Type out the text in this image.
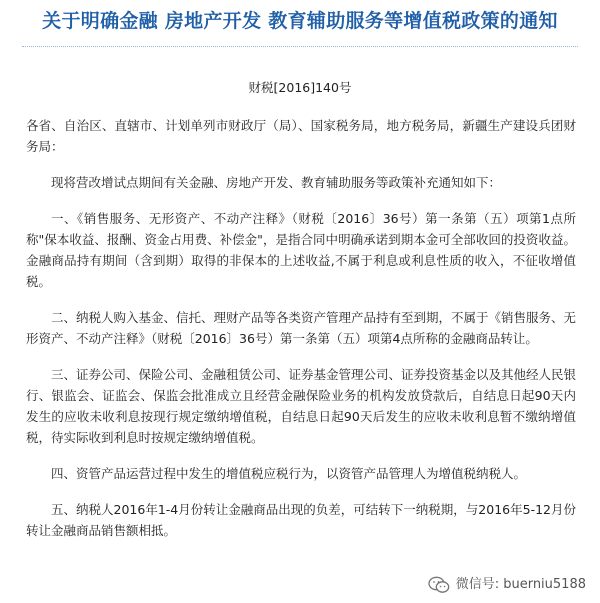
关于明确金融 房地产开发 教育辅助服务等增值税政策的通知
财税[2016]140号

各省、自治区、直辖市、计划单列市财政厅（局）、国家税务局，地方税务局，新疆生产建设兵团财务局：

现将营改增试点期间有关金融、房地产开发、教育辅助服务等政策补充通知如下：

一、《销售服务、无形资产、不动产注释》（财税〔2016〕36号）第一条第（五）项第1点所称"保本收益、报酬、资金占用费、补偿金"，是指合同中明确承诺到期本金可全部收回的投资收益。金融商品持有期间（含到期）取得的非保本的上述收益,不属于利息或利息性质的收入，不征收增值税。

二、纳税人购入基金、信托、理财产品等各类资产管理产品持有至到期，不属于《销售服务、无形资产、不动产注释》（财税〔2016〕36号）第一条第（五）项第4点所称的金融商品转让。

三、证券公司、保险公司、金融租赁公司、证券基金管理公司、证券投资基金以及其他经人民银行、银监会、证监会、保监会批准成立且经营金融保险业务的机构发放贷款后，自结息日起90天内发生的应收未收利息按现行规定缴纳增值税，自结息日起90天后发生的应收未收利息暂不缴纳增值税，待实际收到利息时按规定缴纳增值税。

四、资管产品运营过程中发生的增值税应税行为，以资管产品管理人为增值税纳税人。

五、纳税人2016年1-4月份转让金融商品出现的负差，可结转下一纳税期，与2016年5-12月份转让金融商品销售额相抵。

微信号: buerniu5188
